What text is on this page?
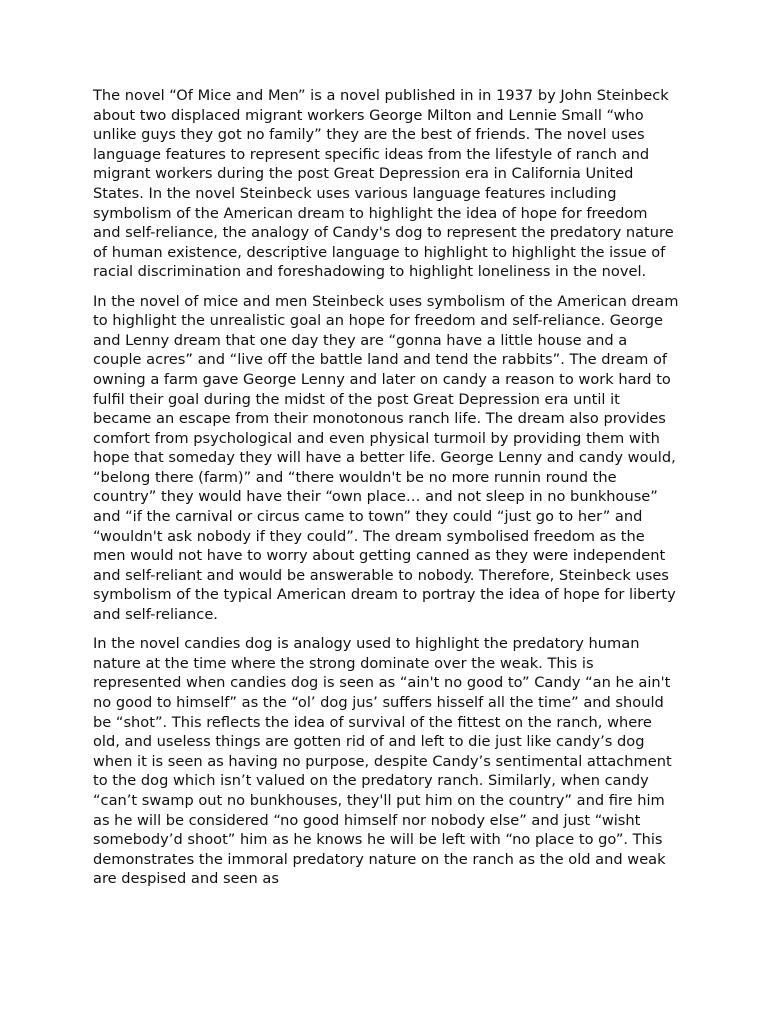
The novel “Of Mice and Men” is a novel published in in 1937 by John Steinbeck about two displaced migrant workers George Milton and Lennie Small “who unlike guys they got no family” they are the best of friends. The novel uses language features to represent specific ideas from the lifestyle of ranch and migrant workers during the post Great Depression era in California United States. In the novel Steinbeck uses various language features including symbolism of the American dream to highlight the idea of hope for freedom and self-reliance, the analogy of Candy's dog to represent the predatory nature of human existence, descriptive language to highlight to highlight the issue of racial discrimination and foreshadowing to highlight loneliness in the novel.

In the novel of mice and men Steinbeck uses symbolism of the American dream to highlight the unrealistic goal an hope for freedom and self-reliance. George and Lenny dream that one day they are “gonna have a little house and a couple acres” and “live off the battle land and tend the rabbits”. The dream of owning a farm gave George Lenny and later on candy a reason to work hard to fulfil their goal during the midst of the post Great Depression era until it became an escape from their monotonous ranch life. The dream also provides comfort from psychological and even physical turmoil by providing them with hope that someday they will have a better life. George Lenny and candy would, “belong there (farm)” and “there wouldn't be no more runnin round the country” they would have their “own place… and not sleep in no bunkhouse” and “if the carnival or circus came to town” they could “just go to her” and “wouldn't ask nobody if they could”. The dream symbolised freedom as the men would not have to worry about getting canned as they were independent and self-reliant and would be answerable to nobody. Therefore, Steinbeck uses symbolism of the typical American dream to portray the idea of hope for liberty and self-reliance.

In the novel candies dog is analogy used to highlight the predatory human nature at the time where the strong dominate over the weak. This is represented when candies dog is seen as “ain't no good to” Candy “an he ain't no good to himself” as the “ol’ dog jus’ suffers hisself all the time” and should be “shot”. This reflects the idea of survival of the fittest on the ranch, where old, and useless things are gotten rid of and left to die just like candy’s dog when it is seen as having no purpose, despite Candy’s sentimental attachment to the dog which isn’t valued on the predatory ranch. Similarly, when candy “can’t swamp out no bunkhouses, they'll put him on the country” and fire him as he will be considered “no good himself nor nobody else” and just “wisht somebody’d shoot” him as he knows he will be left with “no place to go”. This demonstrates the immoral predatory nature on the ranch as the old and weak are despised and seen as
